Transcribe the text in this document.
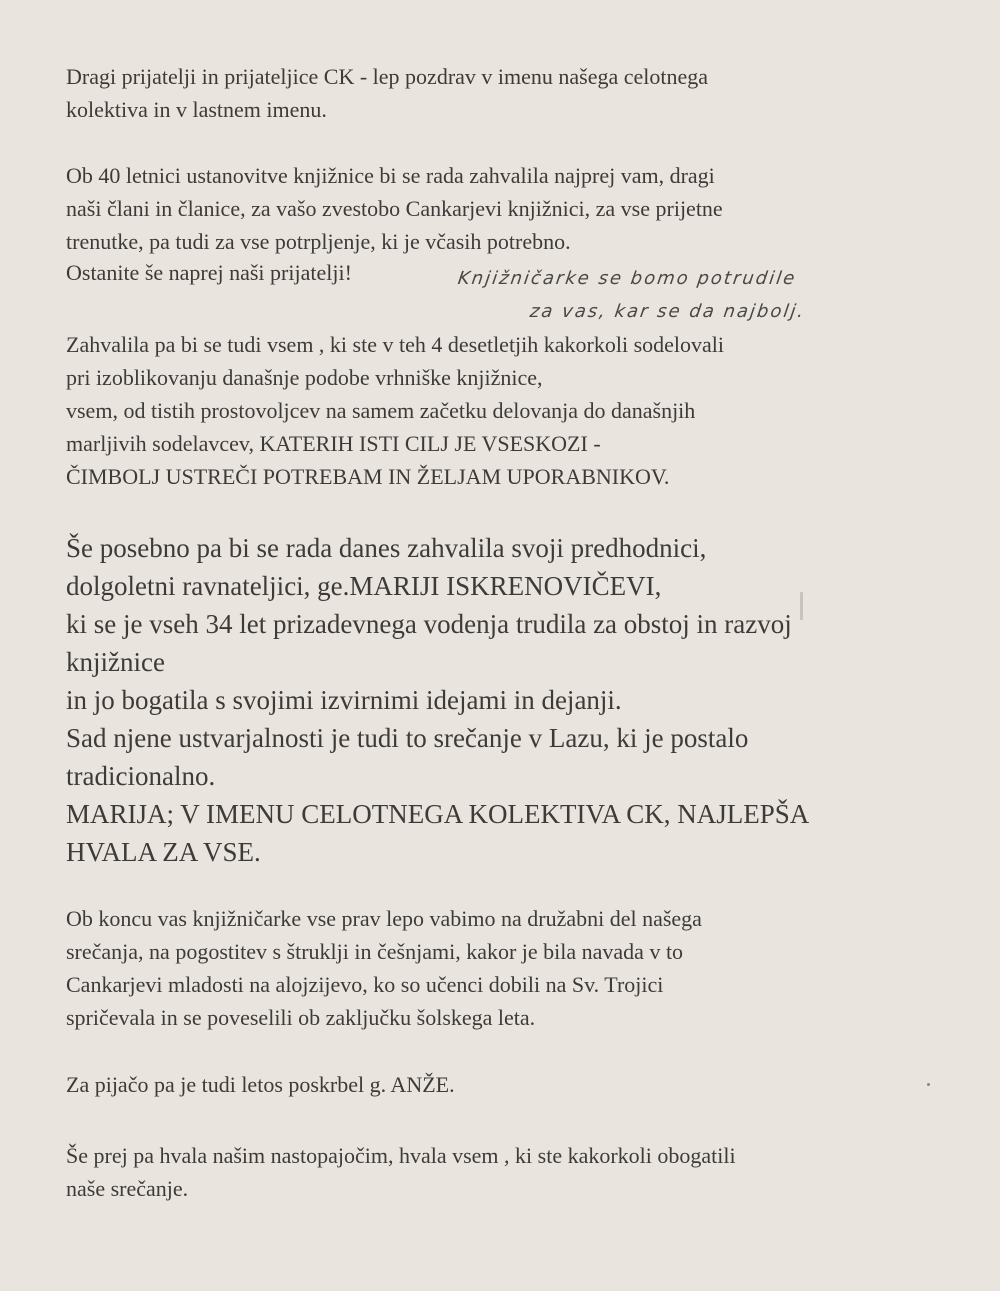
Dragi prijatelji in prijateljice CK - lep pozdrav v imenu našega celotnega
kolektiva in v lastnem imenu.

Ob 40 letnici ustanovitve knjižnice bi se rada zahvalila najprej vam, dragi
naši člani in članice, za vašo zvestobo Cankarjevi knjižnici, za vse prijetne
trenutke, pa tudi za vse potrpljenje, ki je včasih potrebno.

Ostanite še naprej naši prijatelji!	Knjižničarke se bomo potrudile
za vas, kar se da najbolj.

Zahvalila pa bi se tudi vsem , ki ste v teh 4 desetletjih kakorkoli sodelovali
pri izoblikovanju današnje podobe vrhniške knjižnice,
vsem, od tistih prostovoljcev na samem začetku delovanja do današnjih
marljivih sodelavcev, KATERIH ISTI CILJ JE VSESKOZI -
ČIMBOLJ USTREČI POTREBAM IN ŽELJAM UPORABNIKOV.

Še posebno pa bi se rada danes zahvalila svoji predhodnici,
dolgoletni ravnateljici, ge.MARIJI ISKRENOVIČEVI,
ki se je vseh 34 let prizadevnega vodenja trudila za obstoj in razvoj
knjižnice
in jo bogatila s svojimi izvirnimi idejami in dejanji.
Sad njene ustvarjalnosti je tudi to srečanje v Lazu, ki je postalo
tradicionalno.
MARIJA; V IMENU CELOTNEGA KOLEKTIVA CK, NAJLEPŠA
HVALA ZA VSE.

Ob koncu vas knjižničarke vse prav lepo vabimo na družabni del našega
srečanja, na pogostitev s štruklji in češnjami, kakor je bila navada v to
Cankarjevi mladosti na alojzijevo, ko so učenci dobili na Sv. Trojici
spričevala in se poveselili ob zaključku šolskega leta.

Za pijačo pa je tudi letos poskrbel g. ANŽE.

Še prej pa hvala našim nastopajočim, hvala vsem , ki ste kakorkoli obogatili
naše srečanje.
